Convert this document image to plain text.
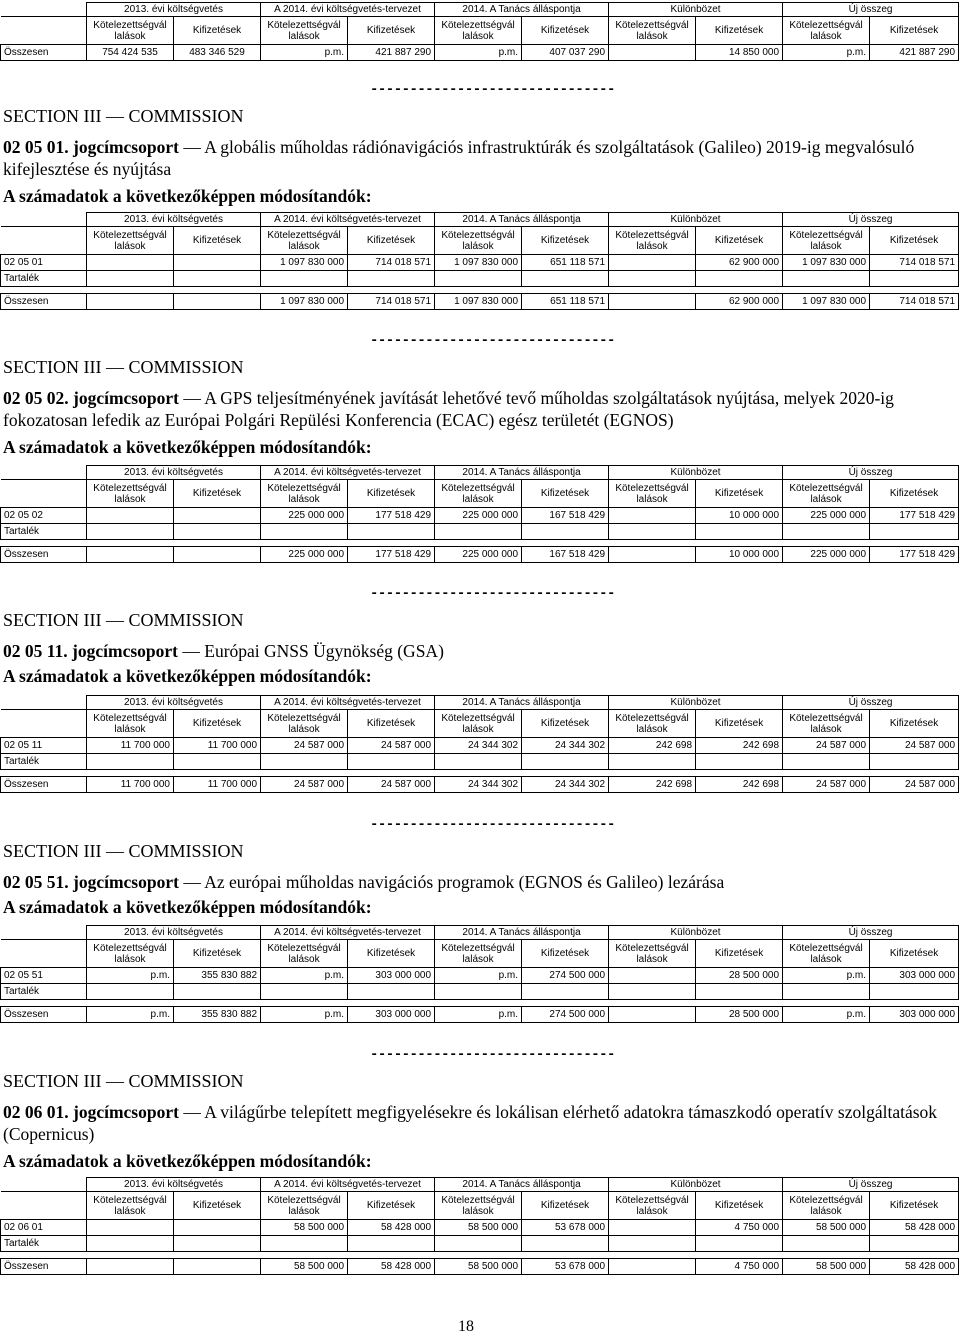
	2013. évi költségvetés		A 2014. évi költségvetés-tervezet		2014. A Tanács álláspontja		Különbözet		Új összeg	
	Kötelezettségvál lalások	Kifizetések	Kötelezettségvál lalások	Kifizetések	Kötelezettségvál lalások	Kifizetések	Kötelezettségvál lalások	Kifizetések	Kötelezettségvál lalások	Kifizetések
Összesen	754 424 535	483 346 529	p.m.	421 887 290	p.m.	407 037 290		14 850 000	p.m.	421 887 290
-------------------------------
SECTION III — COMMISSION
02 05 01. jogcímcsoport — A globális műholdas rádiónavigációs infrastruktúrák és szolgáltatások (Galileo) 2019-ig megvalósuló kifejlesztése és nyújtása
A számadatok a következőképpen módosítandók:
	2013. évi költségvetés		A 2014. évi költségvetés-tervezet		2014. A Tanács álláspontja		Különbözet		Új összeg	
	Kötelezettségvál lalások	Kifizetések	Kötelezettségvál lalások	Kifizetések	Kötelezettségvál lalások	Kifizetések	Kötelezettségvál lalások	Kifizetések	Kötelezettségvál lalások	Kifizetések
02 05 01			1 097 830 000	714 018 571	1 097 830 000	651 118 571		62 900 000	1 097 830 000	714 018 571
Tartalék										

Összesen			1 097 830 000	714 018 571	1 097 830 000	651 118 571		62 900 000	1 097 830 000	714 018 571
-------------------------------
SECTION III — COMMISSION
02 05 02. jogcímcsoport — A GPS teljesítményének javítását lehetővé tevő műholdas szolgáltatások nyújtása, melyek 2020-ig fokozatosan lefedik az Európai Polgári Repülési Konferencia (ECAC) egész területét (EGNOS)
A számadatok a következőképpen módosítandók:
	2013. évi költségvetés		A 2014. évi költségvetés-tervezet		2014. A Tanács álláspontja		Különbözet		Új összeg	
	Kötelezettségvál lalások	Kifizetések	Kötelezettségvál lalások	Kifizetések	Kötelezettségvál lalások	Kifizetések	Kötelezettségvál lalások	Kifizetések	Kötelezettségvál lalások	Kifizetések
02 05 02			225 000 000	177 518 429	225 000 000	167 518 429		10 000 000	225 000 000	177 518 429
Tartalék										

Összesen			225 000 000	177 518 429	225 000 000	167 518 429		10 000 000	225 000 000	177 518 429
-------------------------------
SECTION III — COMMISSION
02 05 11. jogcímcsoport — Európai GNSS Ügynökség (GSA)
A számadatok a következőképpen módosítandók:
	2013. évi költségvetés		A 2014. évi költségvetés-tervezet		2014. A Tanács álláspontja		Különbözet		Új összeg	
	Kötelezettségvál lalások	Kifizetések	Kötelezettségvál lalások	Kifizetések	Kötelezettségvál lalások	Kifizetések	Kötelezettségvál lalások	Kifizetések	Kötelezettségvál lalások	Kifizetések
02 05 11	11 700 000	11 700 000	24 587 000	24 587 000	24 344 302	24 344 302	242 698	242 698	24 587 000	24 587 000
Tartalék										

Összesen	11 700 000	11 700 000	24 587 000	24 587 000	24 344 302	24 344 302	242 698	242 698	24 587 000	24 587 000
-------------------------------
SECTION III — COMMISSION
02 05 51. jogcímcsoport — Az európai műholdas navigációs programok (EGNOS és Galileo) lezárása
A számadatok a következőképpen módosítandók:
	2013. évi költségvetés		A 2014. évi költségvetés-tervezet		2014. A Tanács álláspontja		Különbözet		Új összeg	
	Kötelezettségvál lalások	Kifizetések	Kötelezettségvál lalások	Kifizetések	Kötelezettségvál lalások	Kifizetések	Kötelezettségvál lalások	Kifizetések	Kötelezettségvál lalások	Kifizetések
02 05 51	p.m.	355 830 882	p.m.	303 000 000	p.m.	274 500 000		28 500 000	p.m.	303 000 000
Tartalék										

Összesen	p.m.	355 830 882	p.m.	303 000 000	p.m.	274 500 000		28 500 000	p.m.	303 000 000
-------------------------------
SECTION III — COMMISSION
02 06 01. jogcímcsoport — A világűrbe telepített megfigyelésekre és lokálisan elérhető adatokra támaszkodó operatív szolgáltatások (Copernicus)
A számadatok a következőképpen módosítandók:
	2013. évi költségvetés		A 2014. évi költségvetés-tervezet		2014. A Tanács álláspontja		Különbözet		Új összeg	
	Kötelezettségvál lalások	Kifizetések	Kötelezettségvál lalások	Kifizetések	Kötelezettségvál lalások	Kifizetések	Kötelezettségvál lalások	Kifizetések	Kötelezettségvál lalások	Kifizetések
02 06 01			58 500 000	58 428 000	58 500 000	53 678 000		4 750 000	58 500 000	58 428 000
Tartalék										

Összesen			58 500 000	58 428 000	58 500 000	53 678 000		4 750 000	58 500 000	58 428 000
18
